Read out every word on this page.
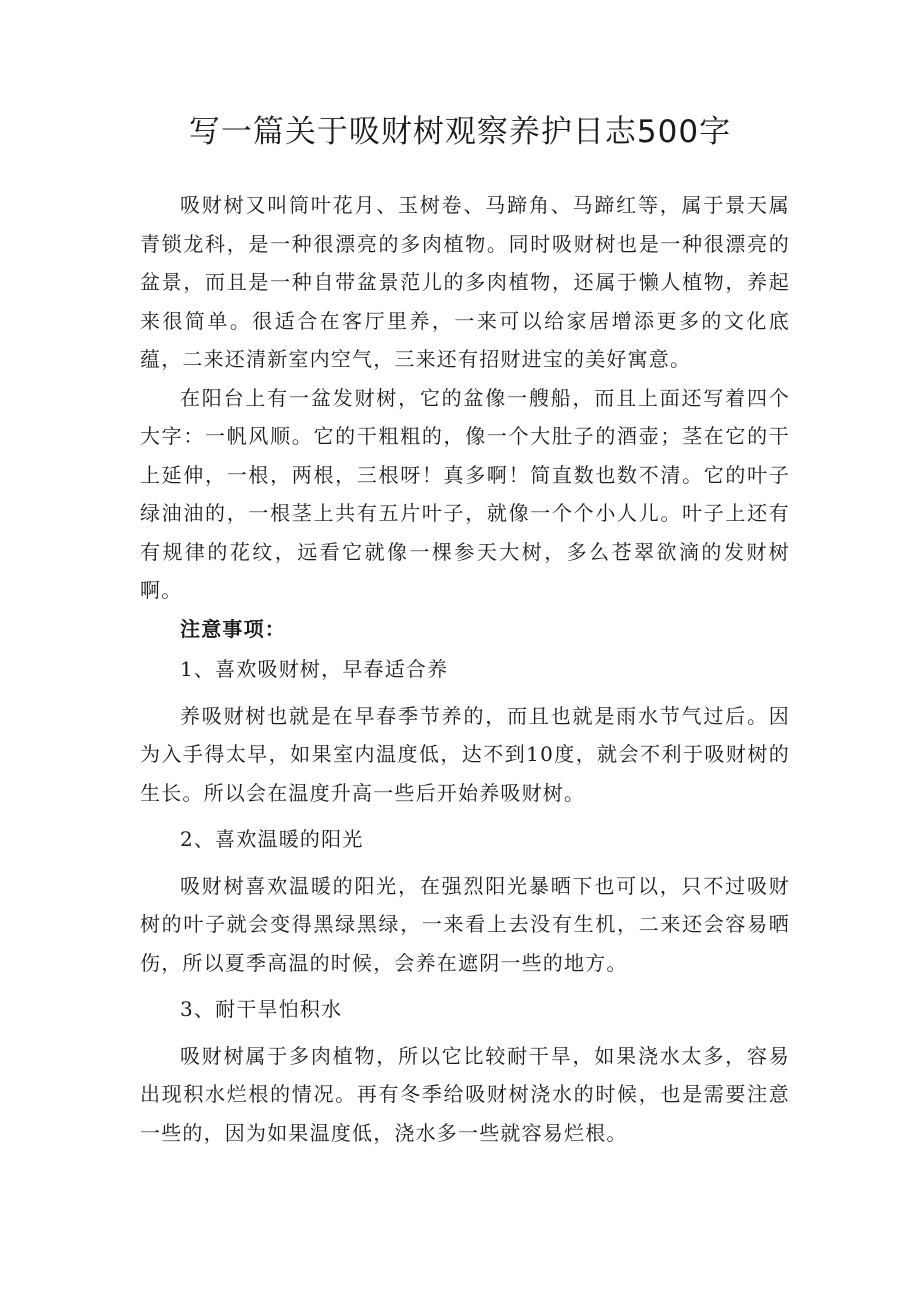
写一篇关于吸财树观察养护日志500字

吸财树又叫筒叶花月、玉树卷、马蹄角、马蹄红等，属于景天属青锁龙科，是一种很漂亮的多肉植物。同时吸财树也是一种很漂亮的盆景，而且是一种自带盆景范儿的多肉植物，还属于懒人植物，养起来很简单。很适合在客厅里养，一来可以给家居增添更多的文化底蕴，二来还清新室内空气，三来还有招财进宝的美好寓意。

在阳台上有一盆发财树，它的盆像一艘船，而且上面还写着四个大字：一帆风顺。它的干粗粗的，像一个大肚子的酒壶；茎在它的干上延伸，一根，两根，三根呀！真多啊！简直数也数不清。它的叶子绿油油的，一根茎上共有五片叶子，就像一个个小人儿。叶子上还有有规律的花纹，远看它就像一棵参天大树，多么苍翠欲滴的发财树啊。

注意事项：

1、喜欢吸财树，早春适合养

养吸财树也就是在早春季节养的，而且也就是雨水节气过后。因为入手得太早，如果室内温度低，达不到10度，就会不利于吸财树的生长。所以会在温度升高一些后开始养吸财树。

2、喜欢温暖的阳光

吸财树喜欢温暖的阳光，在强烈阳光暴晒下也可以，只不过吸财树的叶子就会变得黑绿黑绿，一来看上去没有生机，二来还会容易晒伤，所以夏季高温的时候，会养在遮阴一些的地方。

3、耐干旱怕积水

吸财树属于多肉植物，所以它比较耐干旱，如果浇水太多，容易出现积水烂根的情况。再有冬季给吸财树浇水的时候，也是需要注意一些的，因为如果温度低，浇水多一些就容易烂根。
